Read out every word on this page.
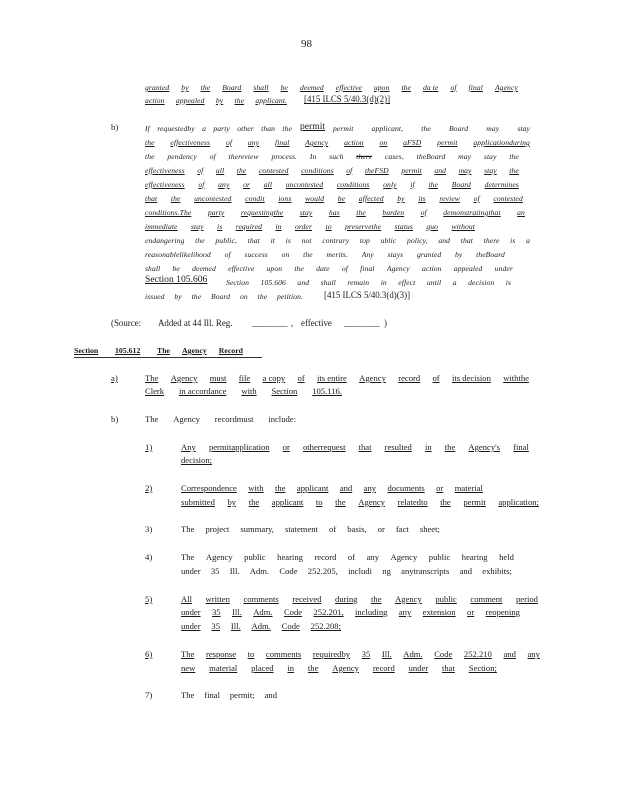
98
granted by the Board shall be deemed effective upon the da te of final Agency
action appealed by the applicant. [415 ILCS 5/40.3(d)(2)]
b)	If requestedby a party other than the permit permit applicant, the Board may stay
the effectiveness of any final Agency action on aFSD permit applicationduring
the pendency of thereview process. In such there cases, theBoard may stay the
effectiveness of all the contested conditions of theFSD permit and may stay the
effectiveness of any or all uncontested conditions only if the Board determines
that the uncontested condit ions would be affected by its review of contested
conditions.The party requestingthe stay has the burden of demonstratingthat an
immediate stay is required in order to preservethe status quo without
endangering the public, that it is not contrary top ublic policy, and that there is a
reasonablelikelihood of success on the merits. Any stays granted by theBoard
shall be deemed effective upon the date of final Agency action appealed under
Section 105.606 Section 105.606 and shall remain in effect until a decision is
issued by the Board on the petition. [415 ILCS 5/40.3(d)(3)]
(Source: Added at 44 Ill. Reg. ________ , effective ________ )
Section 105.612 The Agency Record
a)	The Agency must file a copy of its entire Agency record of its decision withthe
Clerk in accordance with Section 105.116.
b)	The Agency recordmust include:
1)	Any permitapplication or otherrequest that resulted in the Agency's final
decision;
2)	Correspondence with the applicant and any documents or material
submitted by the applicant to the Agency relatedto the permit application;
3)	The project summary, statement of basis, or fact sheet;
4)	The Agency public hearing record of any Agency public hearing held
under 35 Ill. Adm. Code 252.205, includi ng anytranscripts and exhibits;
5)	All written comments received during the Agency public comment period
under 35 Ill. Adm. Code 252.201, including any extension or reopening
under 35 Ill. Adm. Code 252.208;
6)	The response to comments requiredby 35 Ill. Adm. Code 252.210 and any
new material placed in the Agency record under that Section;
7)	The final permit; and
